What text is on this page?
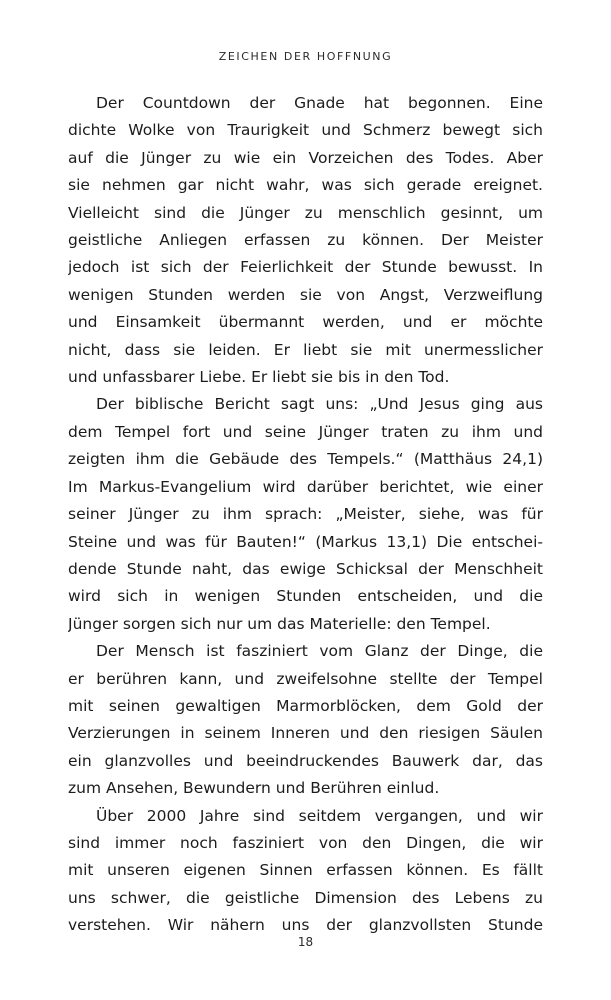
ZEICHEN DER HOFFNUNG
Der Countdown der Gnade hat begonnen. Eine
dichte Wolke von Traurigkeit und Schmerz bewegt sich
auf die Jünger zu wie ein Vorzeichen des Todes. Aber
sie nehmen gar nicht wahr, was sich gerade ereignet.
Vielleicht sind die Jünger zu menschlich gesinnt, um
geistliche Anliegen erfassen zu können. Der Meister
jedoch ist sich der Feierlichkeit der Stunde bewusst. In
wenigen Stunden werden sie von Angst, Verzweiflung
und Einsamkeit übermannt werden, und er möchte
nicht, dass sie leiden. Er liebt sie mit unermesslicher
und unfassbarer Liebe. Er liebt sie bis in den Tod.
Der biblische Bericht sagt uns: „Und Jesus ging aus
dem Tempel fort und seine Jünger traten zu ihm und
zeigten ihm die Gebäude des Tempels.“ (Matthäus 24,1)
Im Markus-Evangelium wird darüber berichtet, wie einer
seiner Jünger zu ihm sprach: „Meister, siehe, was für
Steine und was für Bauten!“ (Markus 13,1) Die entschei-
dende Stunde naht, das ewige Schicksal der Menschheit
wird sich in wenigen Stunden entscheiden, und die
Jünger sorgen sich nur um das Materielle: den Tempel.
Der Mensch ist fasziniert vom Glanz der Dinge, die
er berühren kann, und zweifelsohne stellte der Tempel
mit seinen gewaltigen Marmorblöcken, dem Gold der
Verzierungen in seinem Inneren und den riesigen Säulen
ein glanzvolles und beeindruckendes Bauwerk dar, das
zum Ansehen, Bewundern und Berühren einlud.
Über 2000 Jahre sind seitdem vergangen, und wir
sind immer noch fasziniert von den Dingen, die wir
mit unseren eigenen Sinnen erfassen können. Es fällt
uns schwer, die geistliche Dimension des Lebens zu
verstehen. Wir nähern uns der glanzvollsten Stunde
18
